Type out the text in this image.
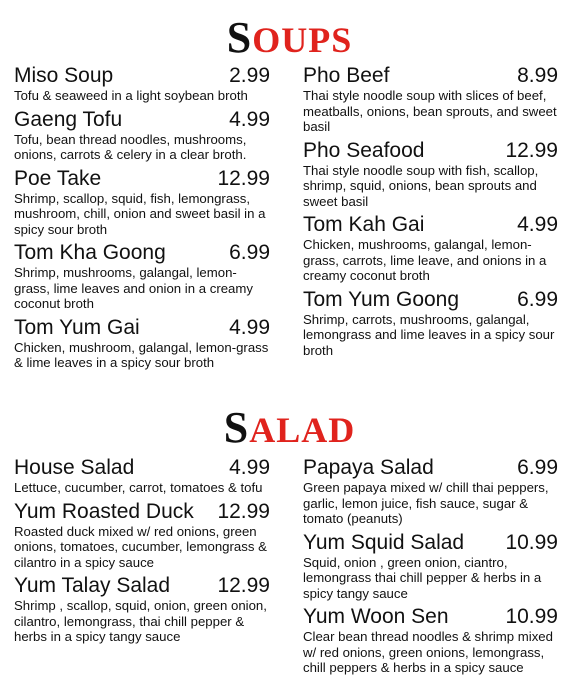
SOUPS
Miso Soup	2.99
Tofu & seaweed in a light soybean broth
Gaeng Tofu	4.99
Tofu, bean thread noodles, mushrooms, onions, carrots & celery in a clear broth.
Poe Take	12.99
Shrimp, scallop, squid, fish, lemongrass, mushroom, chill, onion and sweet basil in a spicy sour broth
Tom Kha Goong	6.99
Shrimp, mushrooms, galangal, lemon-grass, lime leaves and onion in a creamy coconut broth
Tom Yum Gai	4.99
Chicken, mushroom, galangal, lemon-grass & lime leaves in a spicy sour broth
Pho Beef	8.99
Thai style noodle soup with slices of beef, meatballs, onions, bean sprouts, and sweet basil
Pho Seafood	12.99
Thai style noodle soup with fish, scallop, shrimp, squid, onions, bean sprouts and sweet basil
Tom Kah Gai	4.99
Chicken, mushrooms, galangal, lemon-grass, carrots, lime leave, and onions in a creamy coconut broth
Tom Yum Goong	6.99
Shrimp, carrots, mushrooms, galangal, lemongrass and lime leaves in a spicy sour broth
SALAD
House Salad	4.99
Lettuce, cucumber, carrot, tomatoes & tofu
Yum Roasted Duck 12.99
Roasted duck mixed w/ red onions, green onions, tomatoes, cucumber, lemongrass & cilantro in a spicy sauce
Yum Talay Salad 12.99
Shrimp , scallop, squid, onion, green onion, cilantro, lemongrass, thai chill pepper & herbs in a spicy tangy sauce
Papaya Salad	6.99
Green papaya mixed w/ chill thai peppers, garlic, lemon juice, fish sauce, sugar & tomato (peanuts)
Yum Squid Salad 10.99
Squid, onion , green onion, ciantro, lemongrass thai chill pepper & herbs in a spicy tangy sauce
Yum Woon Sen	10.99
Clear bean thread noodles & shrimp mixed w/ red onions, green onions, lemongrass, chill peppers & herbs in a spicy sauce
